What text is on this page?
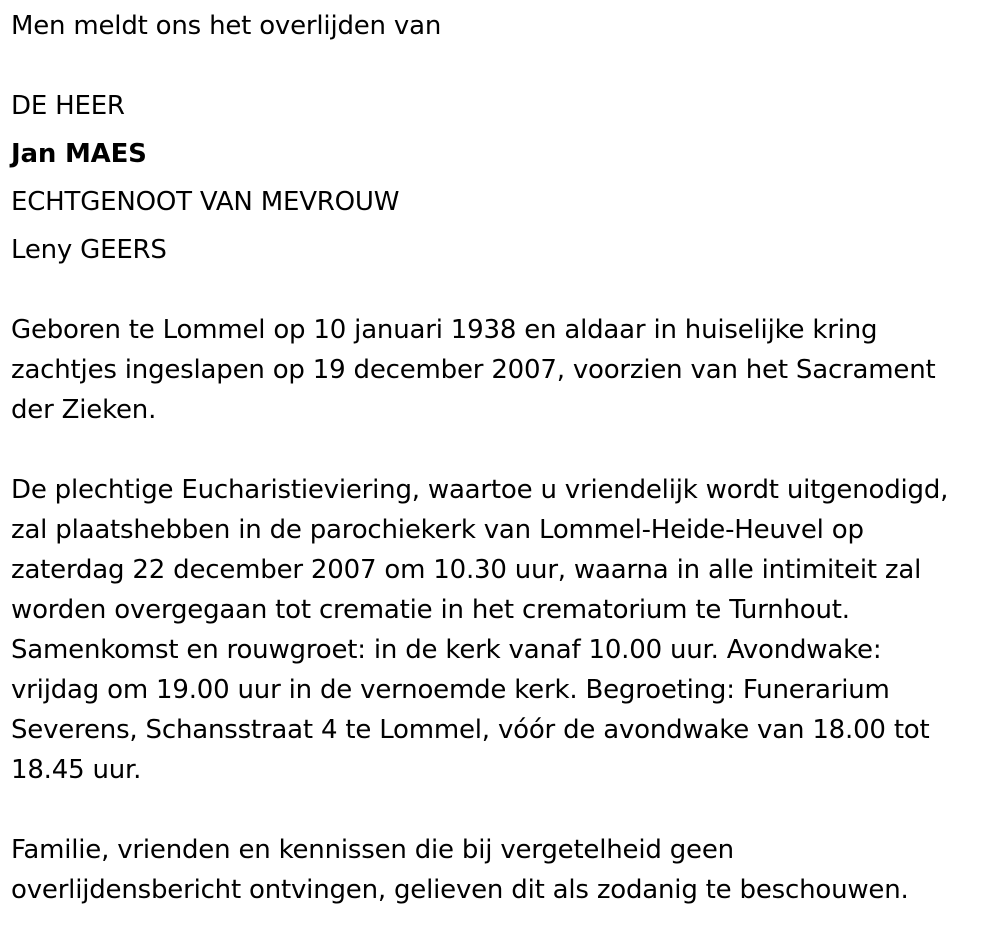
Men meldt ons het overlijden van

DE HEER

Jan MAES

ECHTGENOOT VAN MEVROUW

Leny GEERS

Geboren te Lommel op 10 januari 1938 en aldaar in huiselijke kring
zachtjes ingeslapen op 19 december 2007, voorzien van het Sacrament
der Zieken.

De plechtige Eucharistieviering, waartoe u vriendelijk wordt uitgenodigd,
zal plaatshebben in de parochiekerk van Lommel-Heide-Heuvel op
zaterdag 22 december 2007 om 10.30 uur, waarna in alle intimiteit zal
worden overgegaan tot crematie in het crematorium te Turnhout.
Samenkomst en rouwgroet: in de kerk vanaf 10.00 uur. Avondwake:
vrijdag om 19.00 uur in de vernoemde kerk. Begroeting: Funerarium
Severens, Schansstraat 4 te Lommel, vóór de avondwake van 18.00 tot
18.45 uur.

Familie, vrienden en kennissen die bij vergetelheid geen
overlijdensbericht ontvingen, gelieven dit als zodanig te beschouwen.
